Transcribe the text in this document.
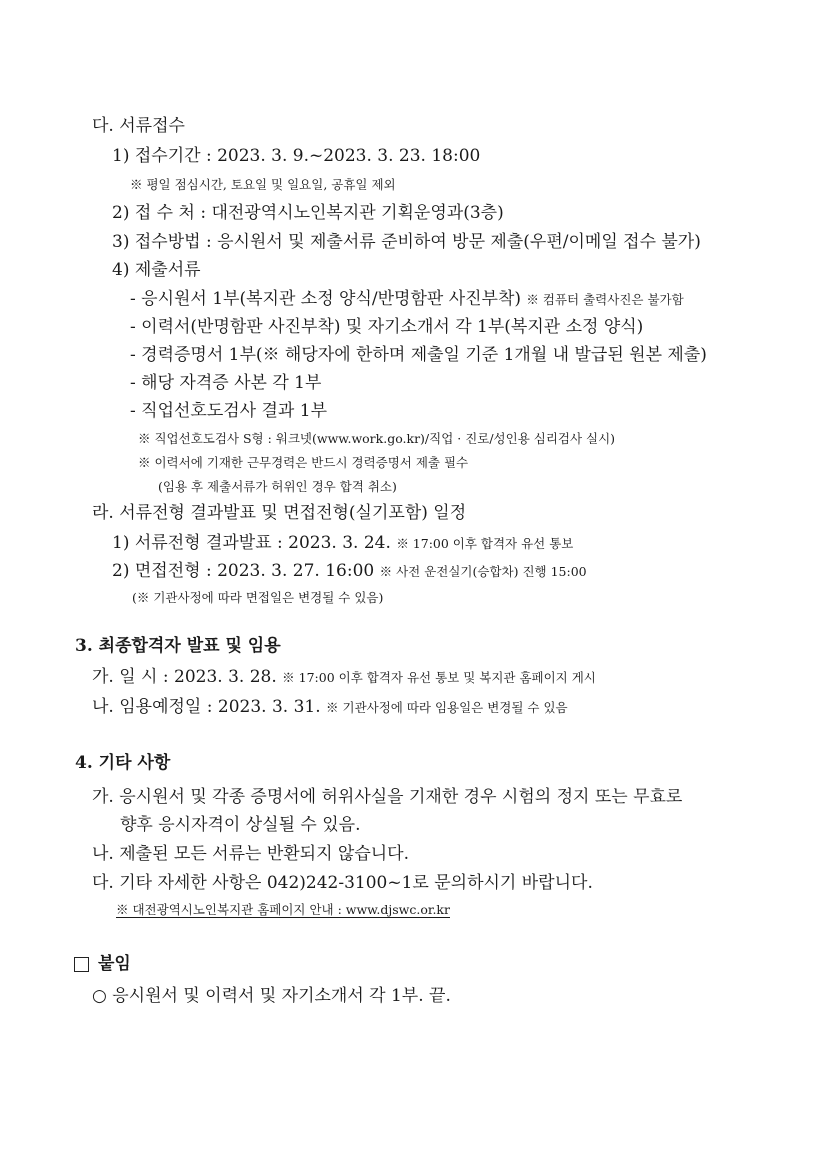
다. 서류접수
1) 접수기간 : 2023. 3. 9.~2023. 3. 23. 18:00
※ 평일 점심시간, 토요일 및 일요일, 공휴일 제외
2) 접 수 처 : 대전광역시노인복지관 기획운영과(3층)
3) 접수방법 : 응시원서 및 제출서류 준비하여 방문 제출(우편/이메일 접수 불가)
4) 제출서류
- 응시원서 1부(복지관 소정 양식/반명함판 사진부착) ※ 컴퓨터 출력사진은 불가함
- 이력서(반명함판 사진부착) 및 자기소개서 각 1부(복지관 소정 양식)
- 경력증명서 1부(※ 해당자에 한하며 제출일 기준 1개월 내 발급된 원본 제출)
- 해당 자격증 사본 각 1부
- 직업선호도검사 결과 1부
※ 직업선호도검사 S형 : 워크넷(www.work.go.kr)/직업 · 진로/성인용 심리검사 실시)
※ 이력서에 기재한 근무경력은 반드시 경력증명서 제출 필수
(임용 후 제출서류가 허위인 경우 합격 취소)
라. 서류전형 결과발표 및 면접전형(실기포함) 일정
1) 서류전형 결과발표 : 2023. 3. 24. ※ 17:00 이후 합격자 유선 통보
2) 면접전형 : 2023. 3. 27. 16:00 ※ 사전 운전실기(승합차) 진행 15:00
(※ 기관사정에 따라 면접일은 변경될 수 있음)
3. 최종합격자 발표 및 임용
가. 일 시 : 2023. 3. 28. ※ 17:00 이후 합격자 유선 통보 및 복지관 홈페이지 게시
나. 임용예정일 : 2023. 3. 31. ※ 기관사정에 따라 임용일은 변경될 수 있음
4. 기타 사항
가. 응시원서 및 각종 증명서에 허위사실을 기재한 경우 시험의 정지 또는 무효로
향후 응시자격이 상실될 수 있음.
나. 제출된 모든 서류는 반환되지 않습니다.
다. 기타 자세한 사항은 042)242-3100~1로 문의하시기 바랍니다.
※ 대전광역시노인복지관 홈페이지 안내 : www.djswc.or.kr
붙임
○ 응시원서 및 이력서 및 자기소개서 각 1부. 끝.
